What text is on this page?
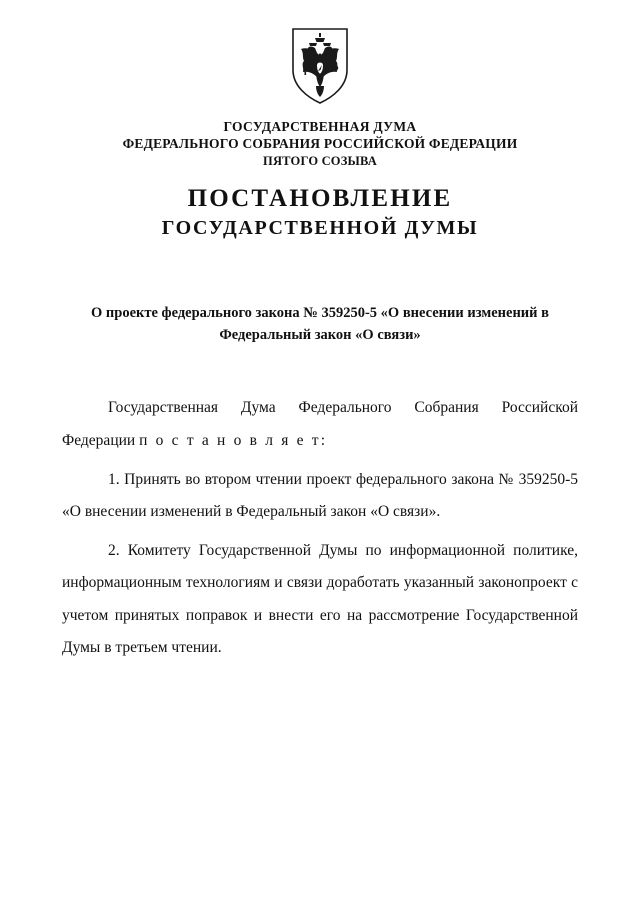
ГОСУДАРСТВЕННАЯ ДУМА
ФЕДЕРАЛЬНОГО СОБРАНИЯ РОССИЙСКОЙ ФЕДЕРАЦИИ
ПЯТОГО СОЗЫВА
ПОСТАНОВЛЕНИЕ
ГОСУДАРСТВЕННОЙ ДУМЫ
О проекте федерального закона № 359250-5 «О внесении изменений в Федеральный закон «О связи»

Государственная Дума Федерального Собрания Российской Федерации п о с т а н о в л я е т:

1. Принять во втором чтении проект федерального закона № 359250-5 «О внесении изменений в Федеральный закон «О связи».

2. Комитету Государственной Думы по информационной политике, информационным технологиям и связи доработать указанный законопроект с учетом принятых поправок и внести его на рассмотрение Государственной Думы в третьем чтении.
